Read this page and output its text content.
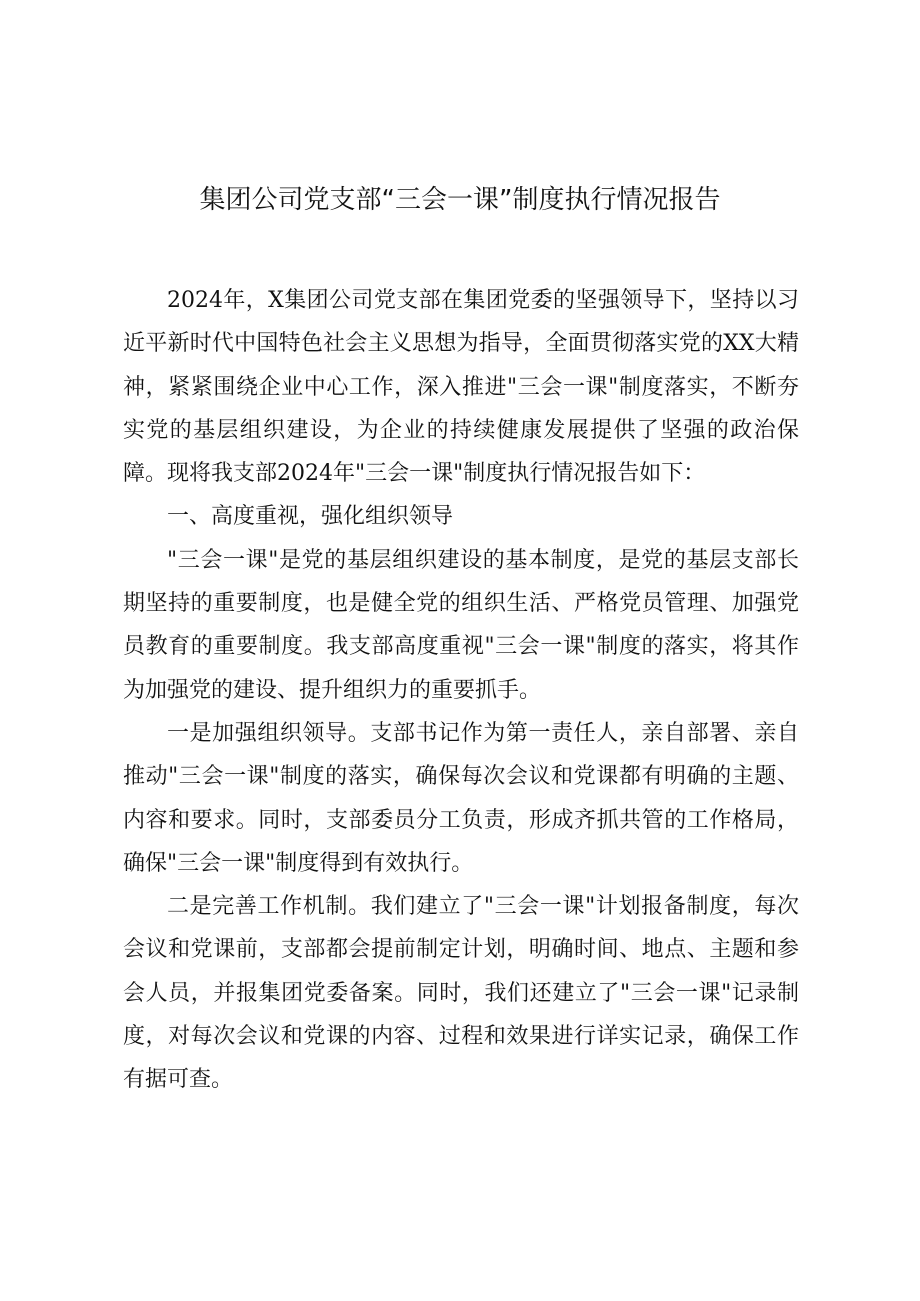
集团公司党支部“三会一课”制度执行情况报告

2024年，X集团公司党支部在集团党委的坚强领导下，坚持以习近平新时代中国特色社会主义思想为指导，全面贯彻落实党的XX大精神，紧紧围绕企业中心工作，深入推进"三会一课"制度落实，不断夯实党的基层组织建设，为企业的持续健康发展提供了坚强的政治保障。现将我支部2024年"三会一课"制度执行情况报告如下：

一、高度重视，强化组织领导

"三会一课"是党的基层组织建设的基本制度，是党的基层支部长期坚持的重要制度，也是健全党的组织生活、严格党员管理、加强党员教育的重要制度。我支部高度重视"三会一课"制度的落实，将其作为加强党的建设、提升组织力的重要抓手。

一是加强组织领导。支部书记作为第一责任人，亲自部署、亲自推动"三会一课"制度的落实，确保每次会议和党课都有明确的主题、内容和要求。同时，支部委员分工负责，形成齐抓共管的工作格局，确保"三会一课"制度得到有效执行。

二是完善工作机制。我们建立了"三会一课"计划报备制度，每次会议和党课前，支部都会提前制定计划，明确时间、地点、主题和参会人员，并报集团党委备案。同时，我们还建立了"三会一课"记录制度，对每次会议和党课的内容、过程和效果进行详实记录，确保工作有据可查。
